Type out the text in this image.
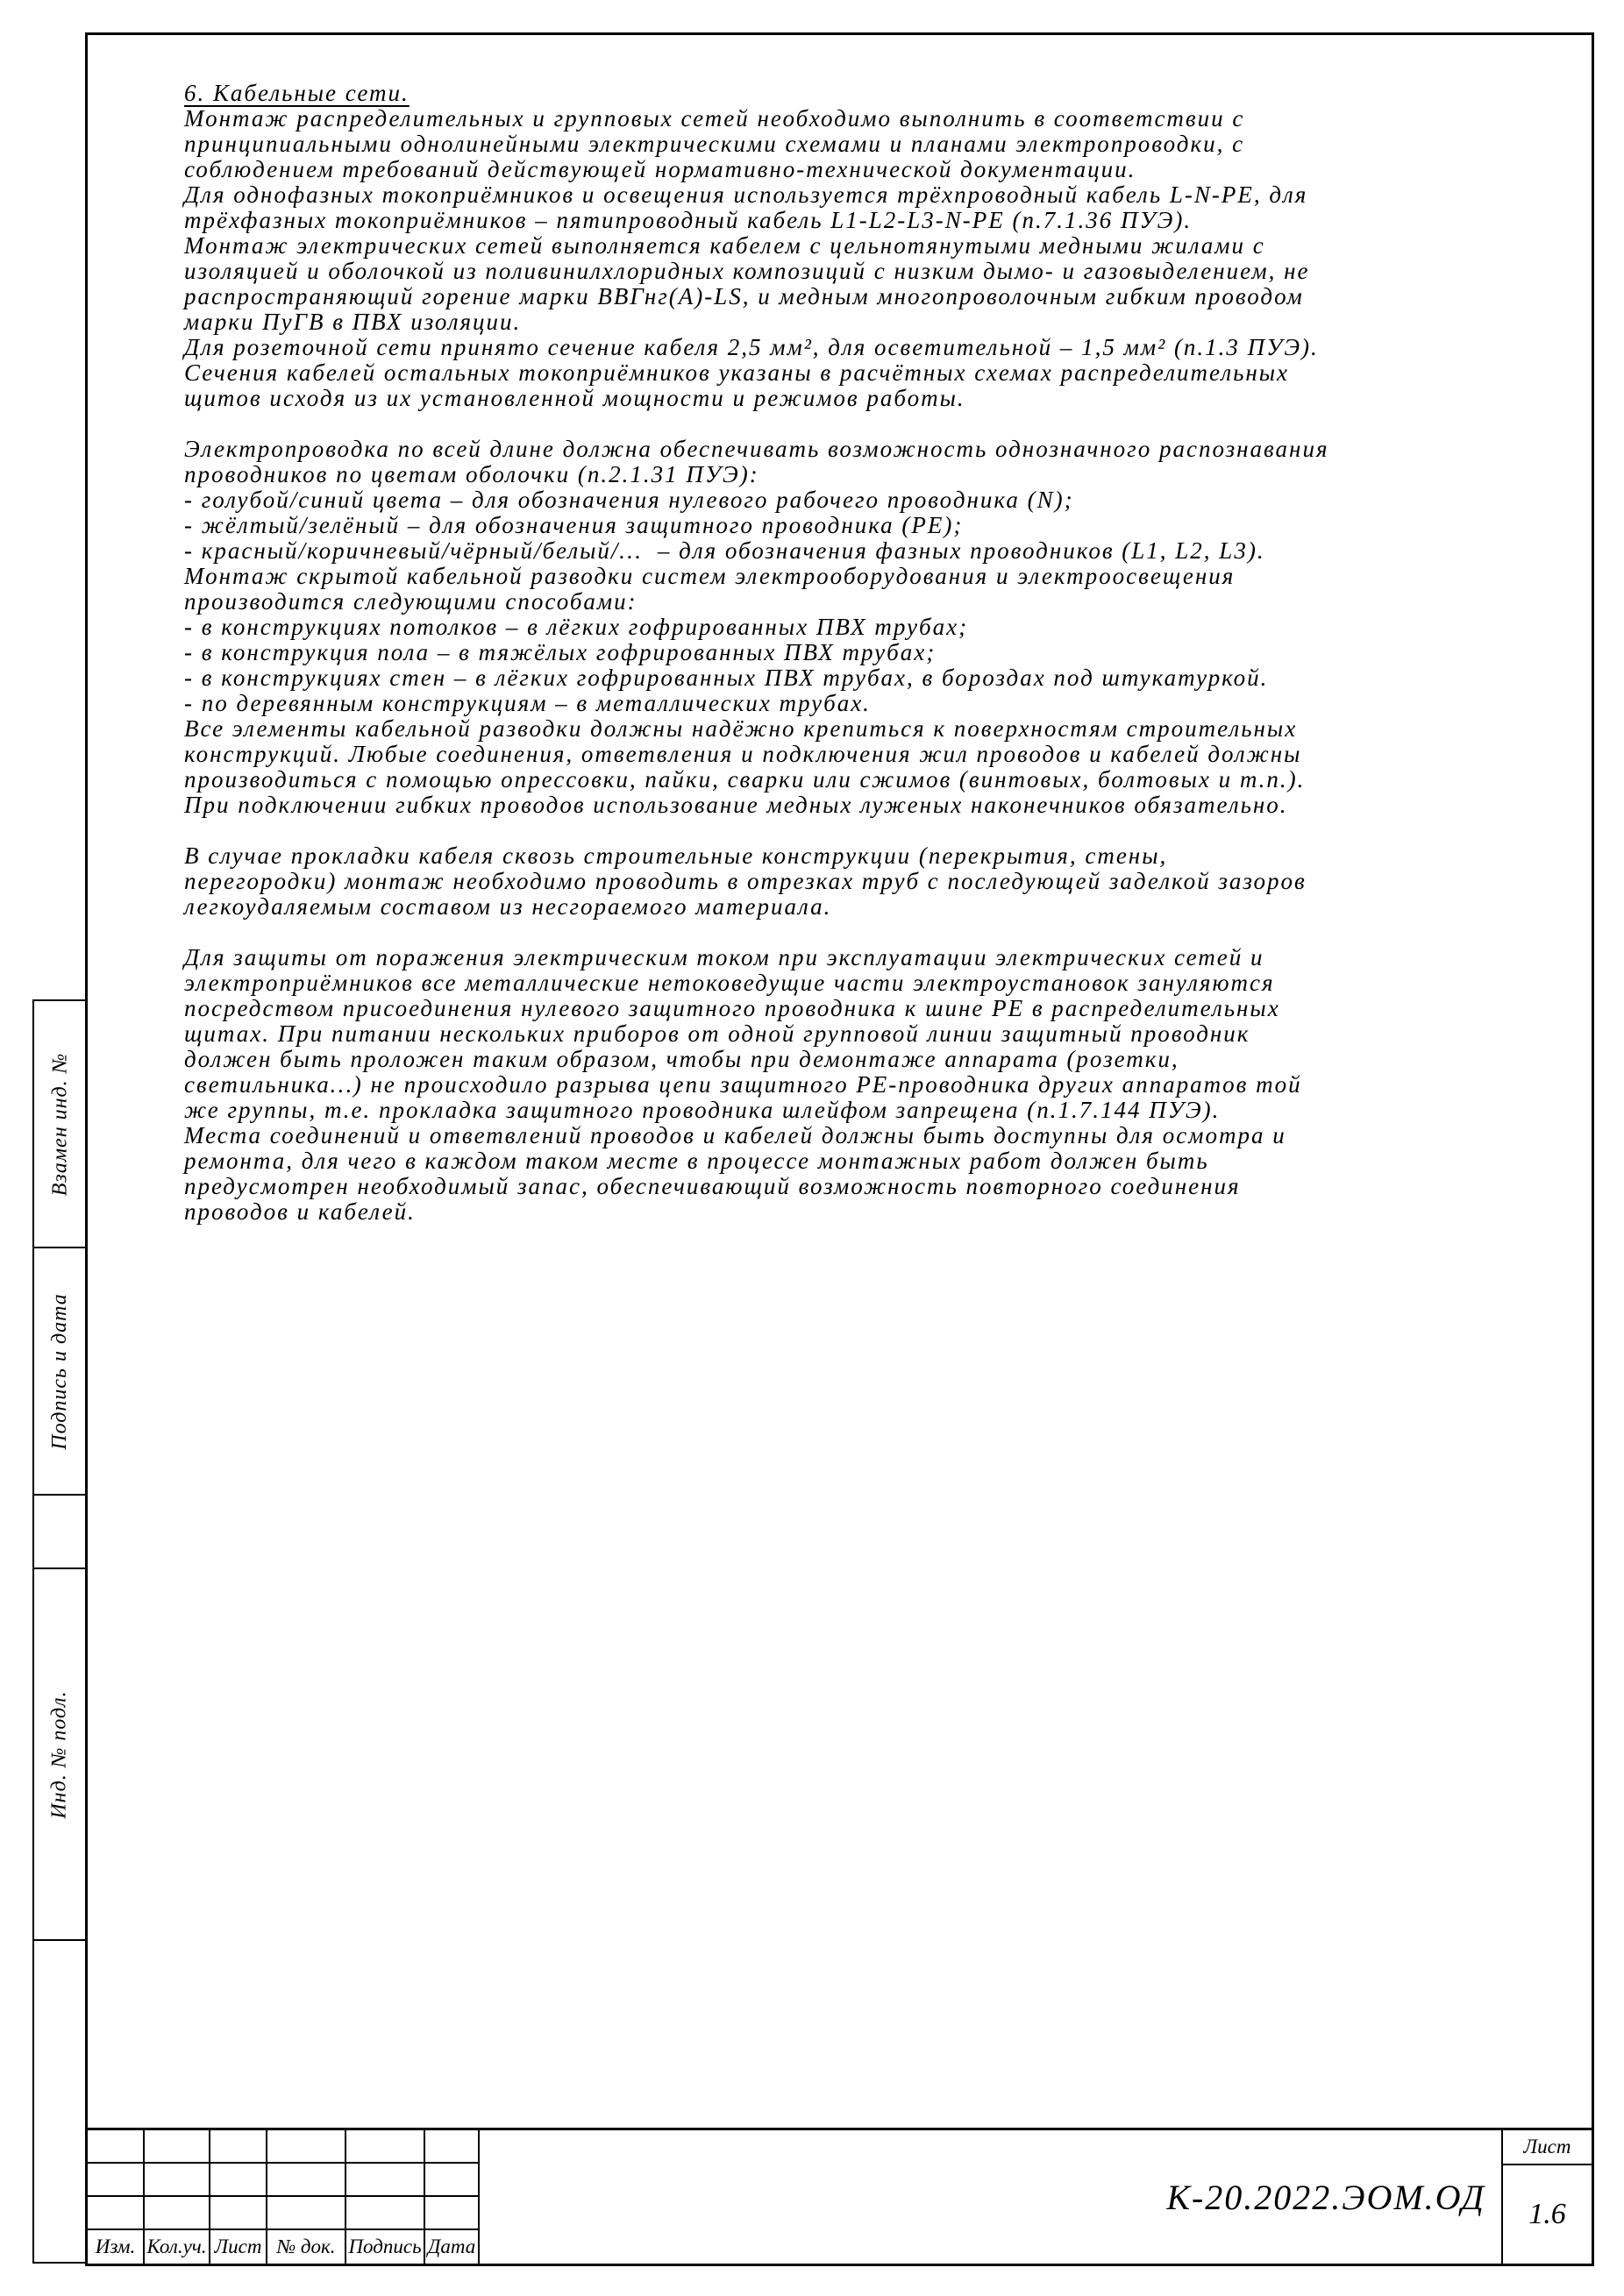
Взамен инд. №
Подпись и дата
Инд. № подл.
6. Кабельные сети.
Монтаж распределительных и групповых сетей необходимо выполнить в соответствии с
принципиальными однолинейными электрическими схемами и планами электропроводки, с
соблюдением требований действующей нормативно-технической документации.
Для однофазных токоприёмников и освещения используется трёхпроводный кабель L-N-PE, для
трёхфазных токоприёмников – пятипроводный кабель L1-L2-L3-N-PE (п.7.1.36 ПУЭ).
Монтаж электрических сетей выполняется кабелем с цельнотянутыми медными жилами с
изоляцией и оболочкой из поливинилхлоридных композиций с низким дымо- и газовыделением, не
распространяющий горение марки ВВГнг(А)-LS, и медным многопроволочным гибким проводом
марки ПуГВ в ПВХ изоляции.
Для розеточной сети принято сечение кабеля 2,5 мм², для осветительной – 1,5 мм² (п.1.3 ПУЭ).
Сечения кабелей остальных токоприёмников указаны в расчётных схемах распределительных
щитов исходя из их установленной мощности и режимов работы.
Электропроводка по всей длине должна обеспечивать возможность однозначного распознавания
проводников по цветам оболочки (п.2.1.31 ПУЭ):
- голубой/синий цвета – для обозначения нулевого рабочего проводника (N);
- жёлтый/зелёный – для обозначения защитного проводника (PE);
- красный/коричневый/чёрный/белый/…  – для обозначения фазных проводников (L1, L2, L3).
Монтаж скрытой кабельной разводки систем электрооборудования и электроосвещения
производится следующими способами:
- в конструкциях потолков – в лёгких гофрированных ПВХ трубах;
- в конструкция пола – в тяжёлых гофрированных ПВХ трубах;
- в конструкциях стен – в лёгких гофрированных ПВХ трубах, в бороздах под штукатуркой.
- по деревянным конструкциям – в металлических трубах.
Все элементы кабельной разводки должны надёжно крепиться к поверхностям строительных
конструкций. Любые соединения, ответвления и подключения жил проводов и кабелей должны
производиться с помощью опрессовки, пайки, сварки или сжимов (винтовых, болтовых и т.п.).
При подключении гибких проводов использование медных луженых наконечников обязательно.
В случае прокладки кабеля сквозь строительные конструкции (перекрытия, стены,
перегородки) монтаж необходимо проводить в отрезках труб с последующей заделкой зазоров
легкоудаляемым составом из несгораемого материала.
Для защиты от поражения электрическим током при эксплуатации электрических сетей и
электроприёмников все металлические нетоковедущие части электроустановок зануляются
посредством присоединения нулевого защитного проводника к шине PE в распределительных
щитах. При питании нескольких приборов от одной групповой линии защитный проводник
должен быть проложен таким образом, чтобы при демонтаже аппарата (розетки,
светильника…) не происходило разрыва цепи защитного PE-проводника других аппаратов той
же группы, т.е. прокладка защитного проводника шлейфом запрещена (п.1.7.144 ПУЭ).
Места соединений и ответвлений проводов и кабелей должны быть доступны для осмотра и
ремонта, для чего в каждом таком месте в процессе монтажных работ должен быть
предусмотрен необходимый запас, обеспечивающий возможность повторного соединения
проводов и кабелей.
Изм. Кол.уч. Лист № док. Подпись Дата
К-20.2022.ЭОМ.ОД
Лист
1.6
